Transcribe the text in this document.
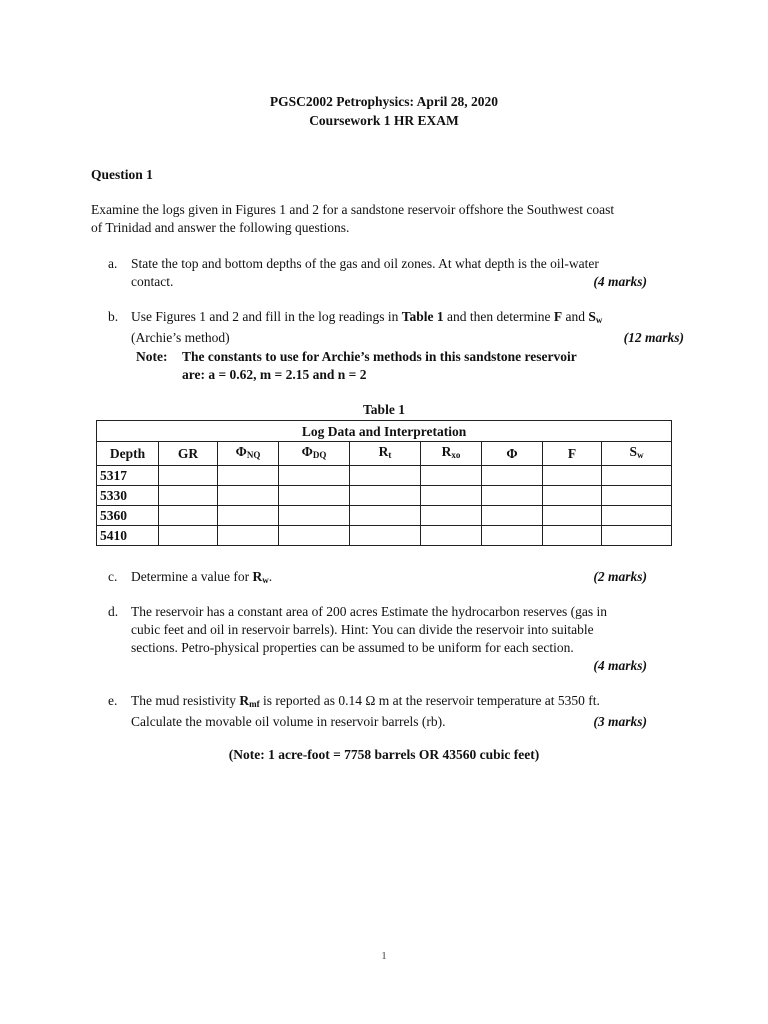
PGSC2002 Petrophysics: April 28, 2020
Coursework 1 HR EXAM
Question 1
Examine the logs given in Figures 1 and 2 for a sandstone reservoir offshore the Southwest coast
of Trinidad and answer the following questions.
a. State the top and bottom depths of the gas and oil zones. At what depth is the oil-water
contact.	(4 marks)
b. Use Figures 1 and 2 and fill in the log readings in Table 1 and then determine F and $S_w$
(Archie’s method)	(12 marks)
Note: The constants to use for Archie’s methods in this sandstone reservoir
are: a = 0.62, m = 2.15 and n = 2
Table 1
Log Data and Interpretation								
Depth	GR	$\Phi_{NQ}$	$\Phi_{DQ}$	$R_t$	$R_{xo}$	Φ	F	$S_w$
5317								
5330								
5360								
5410								
c. Determine a value for $R_w$.	(2 marks)
d. The reservoir has a constant area of 200 acres Estimate the hydrocarbon reserves (gas in
cubic feet and oil in reservoir barrels). Hint: You can divide the reservoir into suitable
sections. Petro-physical properties can be assumed to be uniform for each section.
(4 marks)
e. The mud resistivity $R_{mf}$ is reported as 0.14 Ω m at the reservoir temperature at 5350 ft.
Calculate the movable oil volume in reservoir barrels (rb).	(3 marks)
(Note: 1 acre-foot = 7758 barrels OR 43560 cubic feet)
1
